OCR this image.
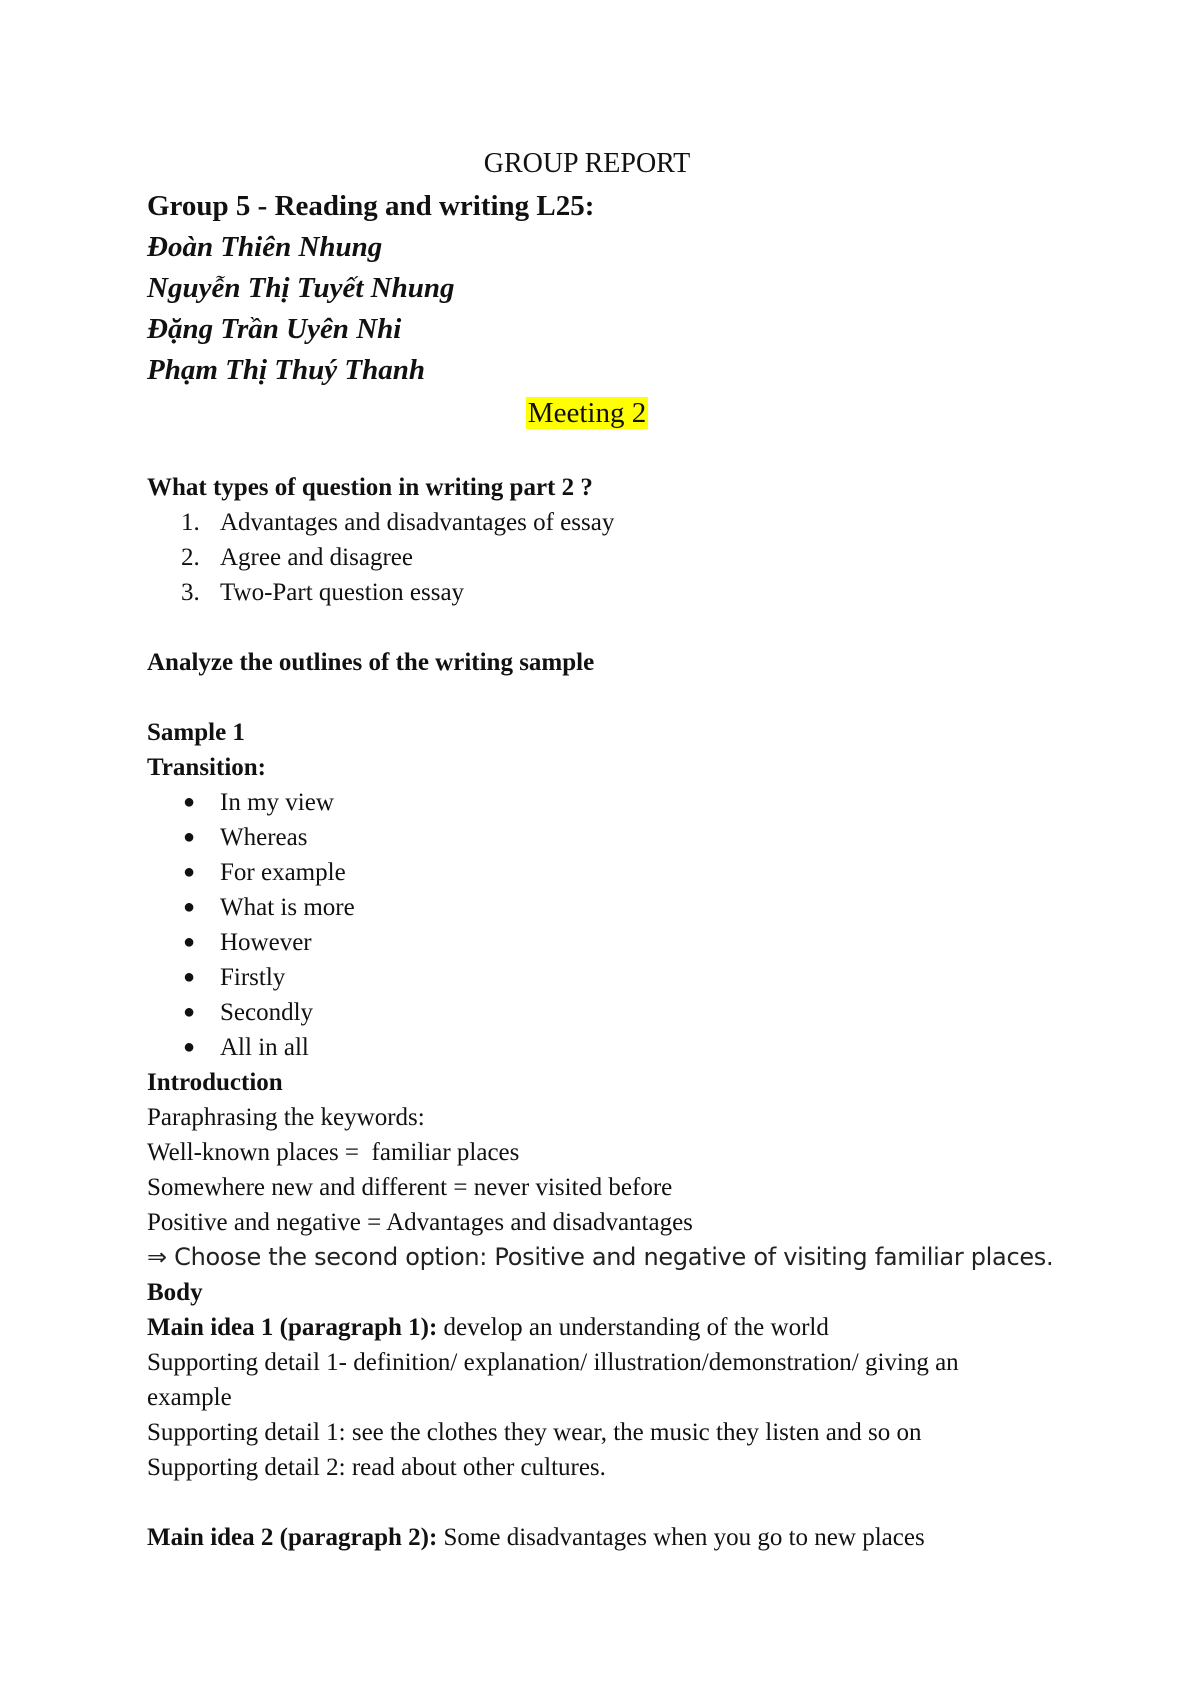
GROUP REPORT
Group 5 - Reading and writing L25:
Đoàn Thiên Nhung
Nguyễn Thị Tuyết Nhung
Đặng Trần Uyên Nhi
Phạm Thị Thuý Thanh
Meeting 2
What types of question in writing part 2 ?
1. Advantages and disadvantages of essay
2. Agree and disagree
3. Two-Part question essay
Analyze the outlines of the writing sample
Sample 1
Transition:
● In my view
● Whereas
● For example
● What is more
● However
● Firstly
● Secondly
● All in all
Introduction
Paraphrasing the keywords:
Well-known places =  familiar places
Somewhere new and different = never visited before
Positive and negative = Advantages and disadvantages
⇒ Choose the second option: Positive and negative of visiting familiar places.
Body
Main idea 1 (paragraph 1): develop an understanding of the world
Supporting detail 1- definition/ explanation/ illustration/demonstration/ giving an example
Supporting detail 1: see the clothes they wear, the music they listen and so on
Supporting detail 2: read about other cultures.
Main idea 2 (paragraph 2): Some disadvantages when you go to new places
